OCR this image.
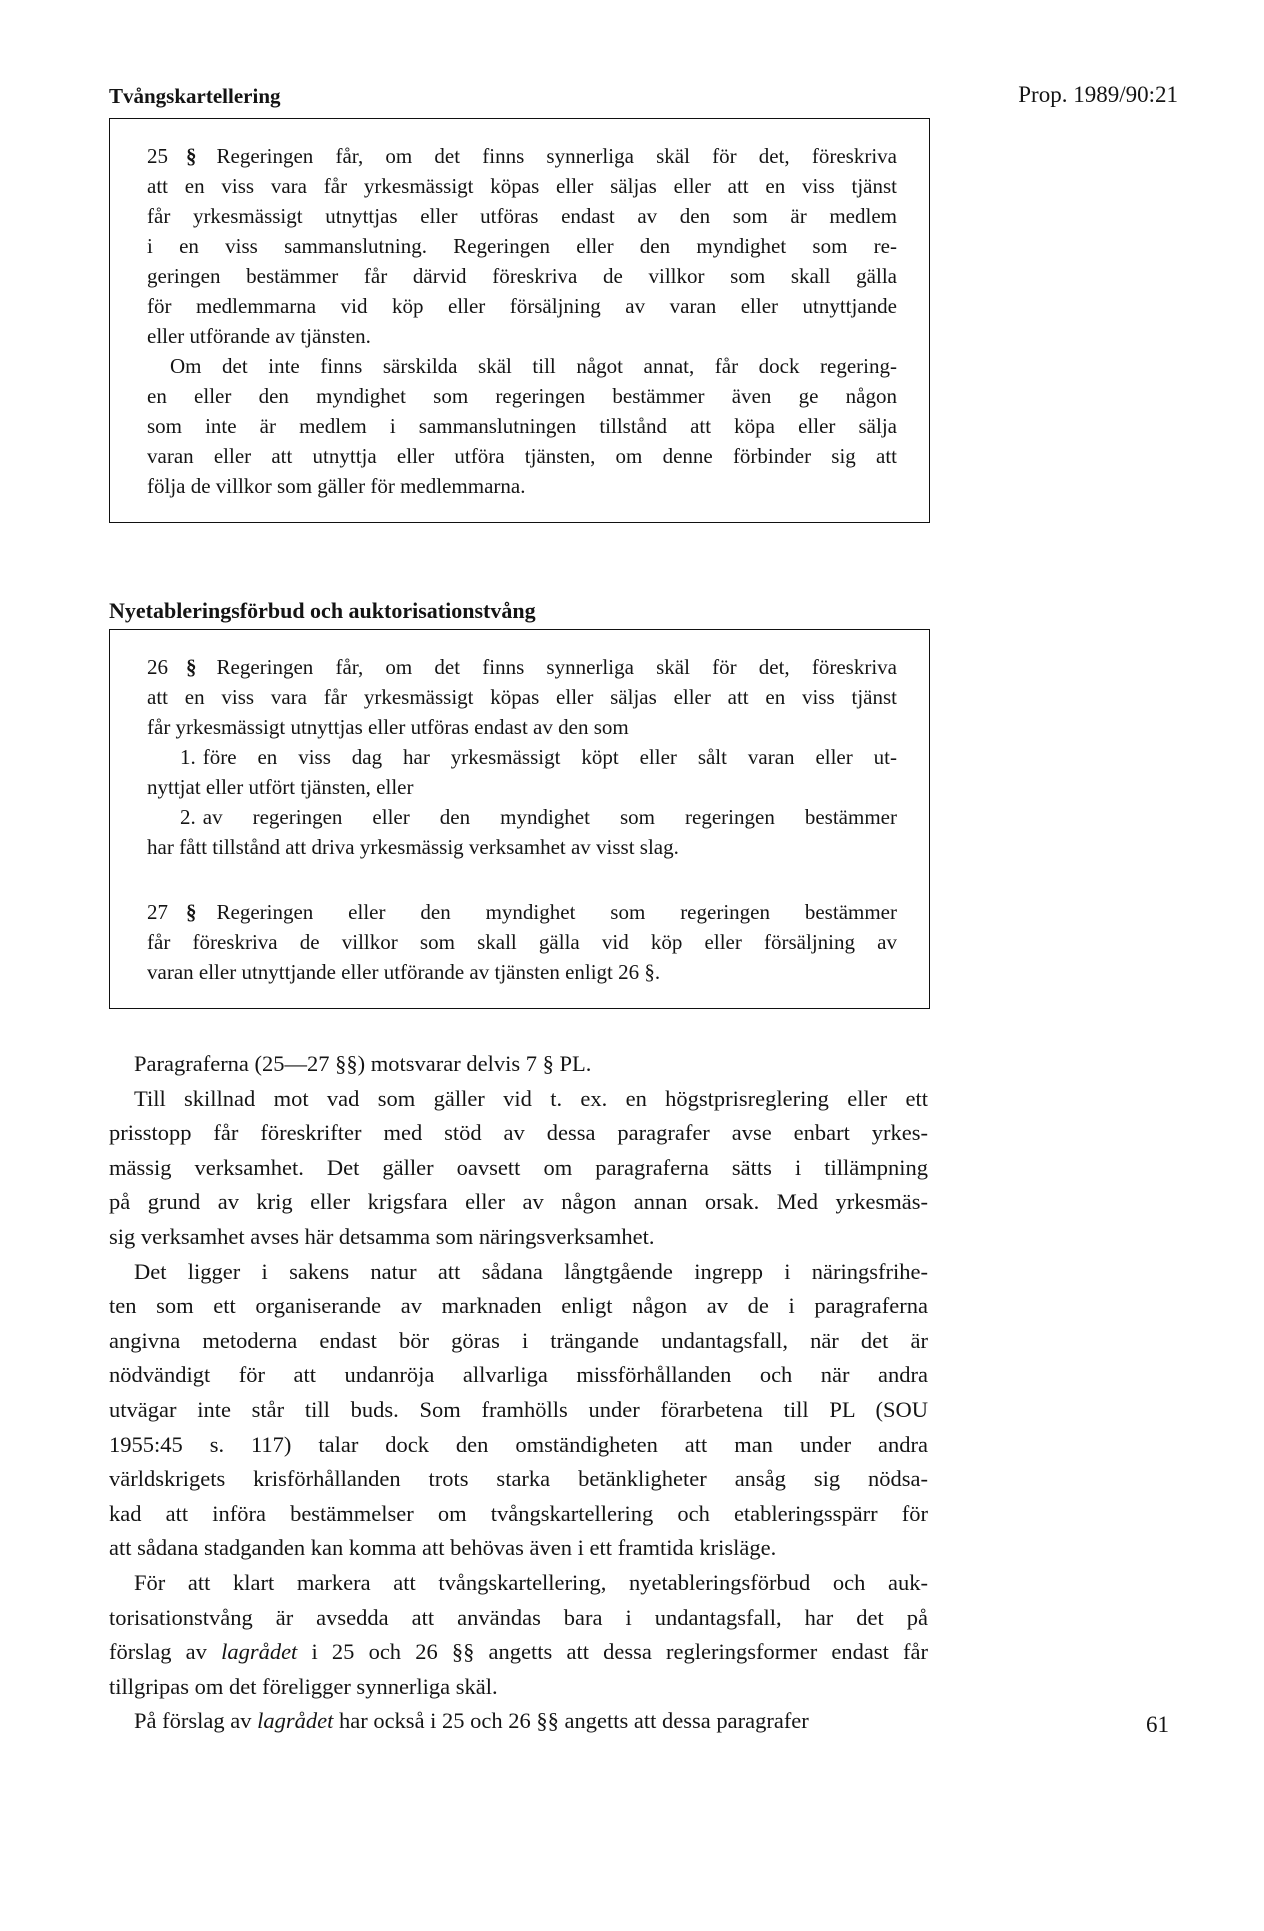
Tvångskartellering	Prop. 1989/90:21
25 § Regeringen får, om det finns synnerliga skäl för det, föreskriva
att en viss vara får yrkesmässigt köpas eller säljas eller att en viss tjänst
får yrkesmässigt utnyttjas eller utföras endast av den som är medlem
i en viss sammanslutning. Regeringen eller den myndighet som re-
geringen bestämmer får därvid föreskriva de villkor som skall gälla
för medlemmarna vid köp eller försäljning av varan eller utnyttjande
eller utförande av tjänsten.
Om det inte finns särskilda skäl till något annat, får dock regering-
en eller den myndighet som regeringen bestämmer även ge någon
som inte är medlem i sammanslutningen tillstånd att köpa eller sälja
varan eller att utnyttja eller utföra tjänsten, om denne förbinder sig att
följa de villkor som gäller för medlemmarna.
Nyetableringsförbud och auktorisationstvång
26 § Regeringen får, om det finns synnerliga skäl för det, föreskriva
att en viss vara får yrkesmässigt köpas eller säljas eller att en viss tjänst
får yrkesmässigt utnyttjas eller utföras endast av den som
1. före en viss dag har yrkesmässigt köpt eller sålt varan eller ut-
nyttjat eller utfört tjänsten, eller
2. av regeringen eller den myndighet som regeringen bestämmer
har fått tillstånd att driva yrkesmässig verksamhet av visst slag.
27 § Regeringen eller den myndighet som regeringen bestämmer
får föreskriva de villkor som skall gälla vid köp eller försäljning av
varan eller utnyttjande eller utförande av tjänsten enligt 26 §.
Paragraferna (25—27 §§) motsvarar delvis 7 § PL.
Till skillnad mot vad som gäller vid t. ex. en högstprisreglering eller ett
prisstopp får föreskrifter med stöd av dessa paragrafer avse enbart yrkes-
mässig verksamhet. Det gäller oavsett om paragraferna sätts i tillämpning
på grund av krig eller krigsfara eller av någon annan orsak. Med yrkesmäs-
sig verksamhet avses här detsamma som näringsverksamhet.
Det ligger i sakens natur att sådana långtgående ingrepp i näringsfrihe-
ten som ett organiserande av marknaden enligt någon av de i paragraferna
angivna metoderna endast bör göras i trängande undantagsfall, när det är
nödvändigt för att undanröja allvarliga missförhållanden och när andra
utvägar inte står till buds. Som framhölls under förarbetena till PL (SOU
1955:45 s. 117) talar dock den omständigheten att man under andra
världskrigets krisförhållanden trots starka betänkligheter ansåg sig nödsa-
kad att införa bestämmelser om tvångskartellering och etableringsspärr för
att sådana stadganden kan komma att behövas även i ett framtida krisläge.
För att klart markera att tvångskartellering, nyetableringsförbud och auk-
torisationstvång är avsedda att användas bara i undantagsfall, har det på
förslag av lagrådet i 25 och 26 §§ angetts att dessa regleringsformer endast får
tillgripas om det föreligger synnerliga skäl.
På förslag av lagrådet har också i 25 och 26 §§ angetts att dessa paragrafer	61
